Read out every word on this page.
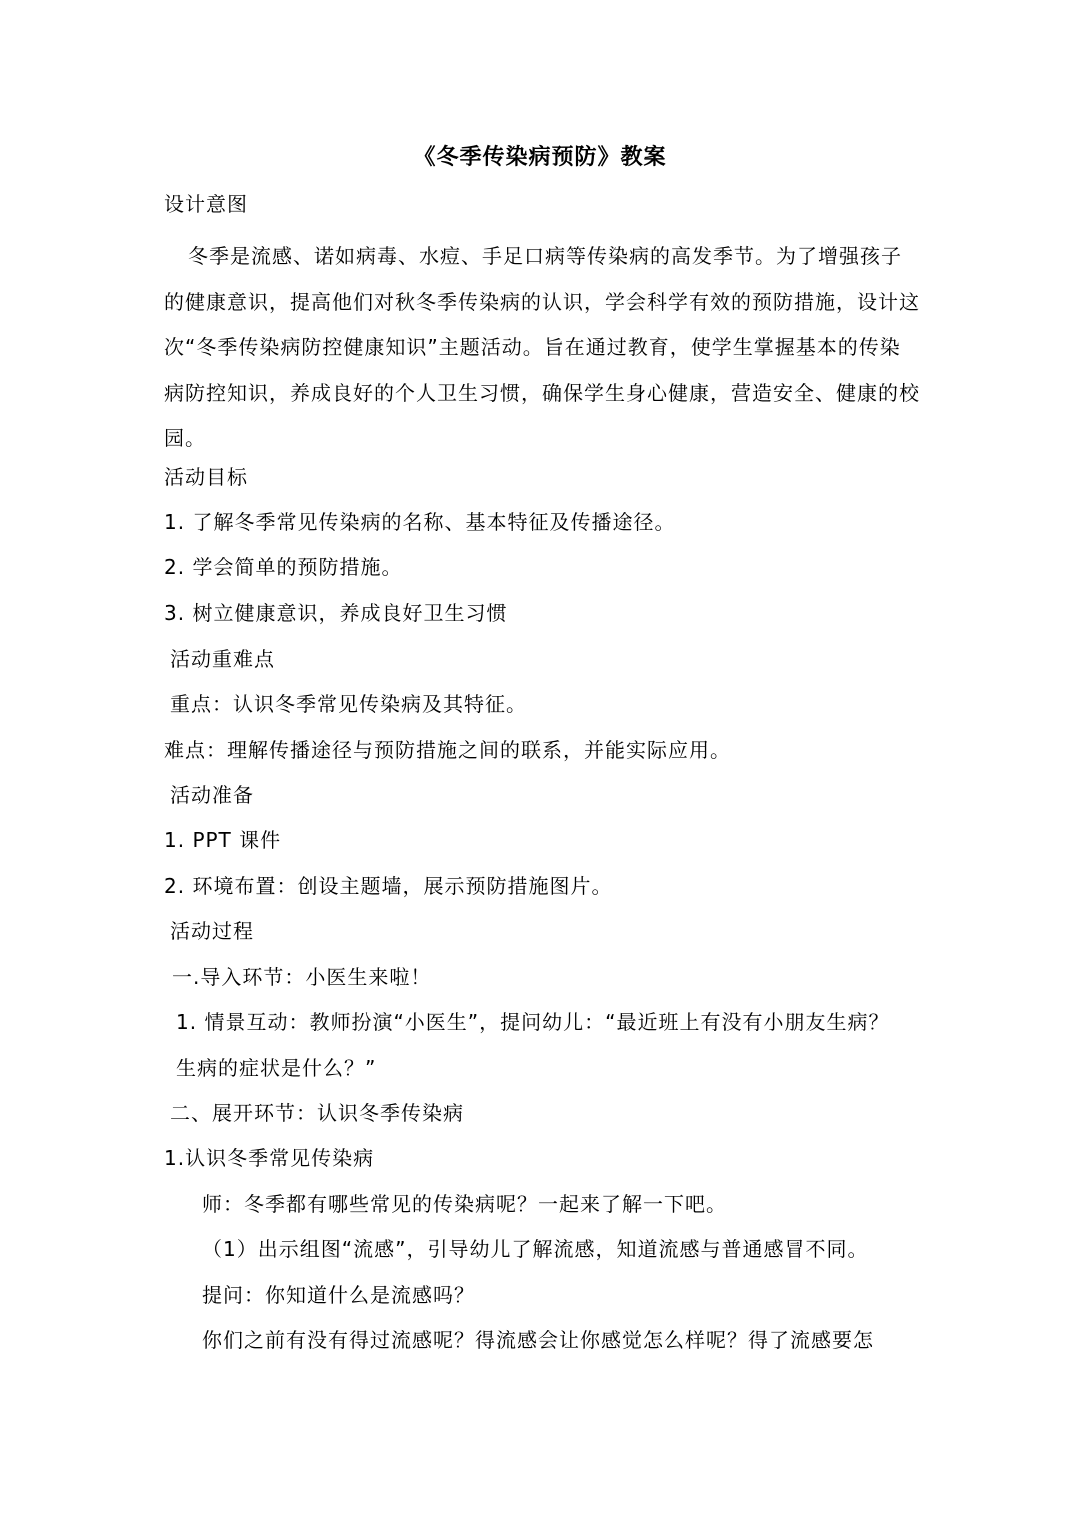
《冬季传染病预防》教案
设计意图
冬季是流感、诺如病毒、水痘、手足口病等传染病的高发季节。为了增强孩子的健康意识，提高他们对秋冬季传染病的认识，学会科学有效的预防措施，设计这次“冬季传染病防控健康知识”主题活动。旨在通过教育，使学生掌握基本的传染病防控知识，养成良好的个人卫生习惯，确保学生身心健康，营造安全、健康的校园。
活动目标
1. 了解冬季常见传染病的名称、基本特征及传播途径。
2. 学会简单的预防措施。
3. 树立健康意识，养成良好卫生习惯
活动重难点
重点：认识冬季常见传染病及其特征。
难点：理解传播途径与预防措施之间的联系，并能实际应用。
活动准备
1. PPT 课件
2. 环境布置：创设主题墙，展示预防措施图片。
活动过程
一.导入环节：小医生来啦！
1. 情景互动：教师扮演“小医生”，提问幼儿：“最近班上有没有小朋友生病？
生病的症状是什么？”
二、展开环节：认识冬季传染病
1.认识冬季常见传染病
师：冬季都有哪些常见的传染病呢？一起来了解一下吧。
（1）出示组图“流感”，引导幼儿了解流感，知道流感与普通感冒不同。
提问：你知道什么是流感吗？
你们之前有没有得过流感呢？得流感会让你感觉怎么样呢？得了流感要怎
